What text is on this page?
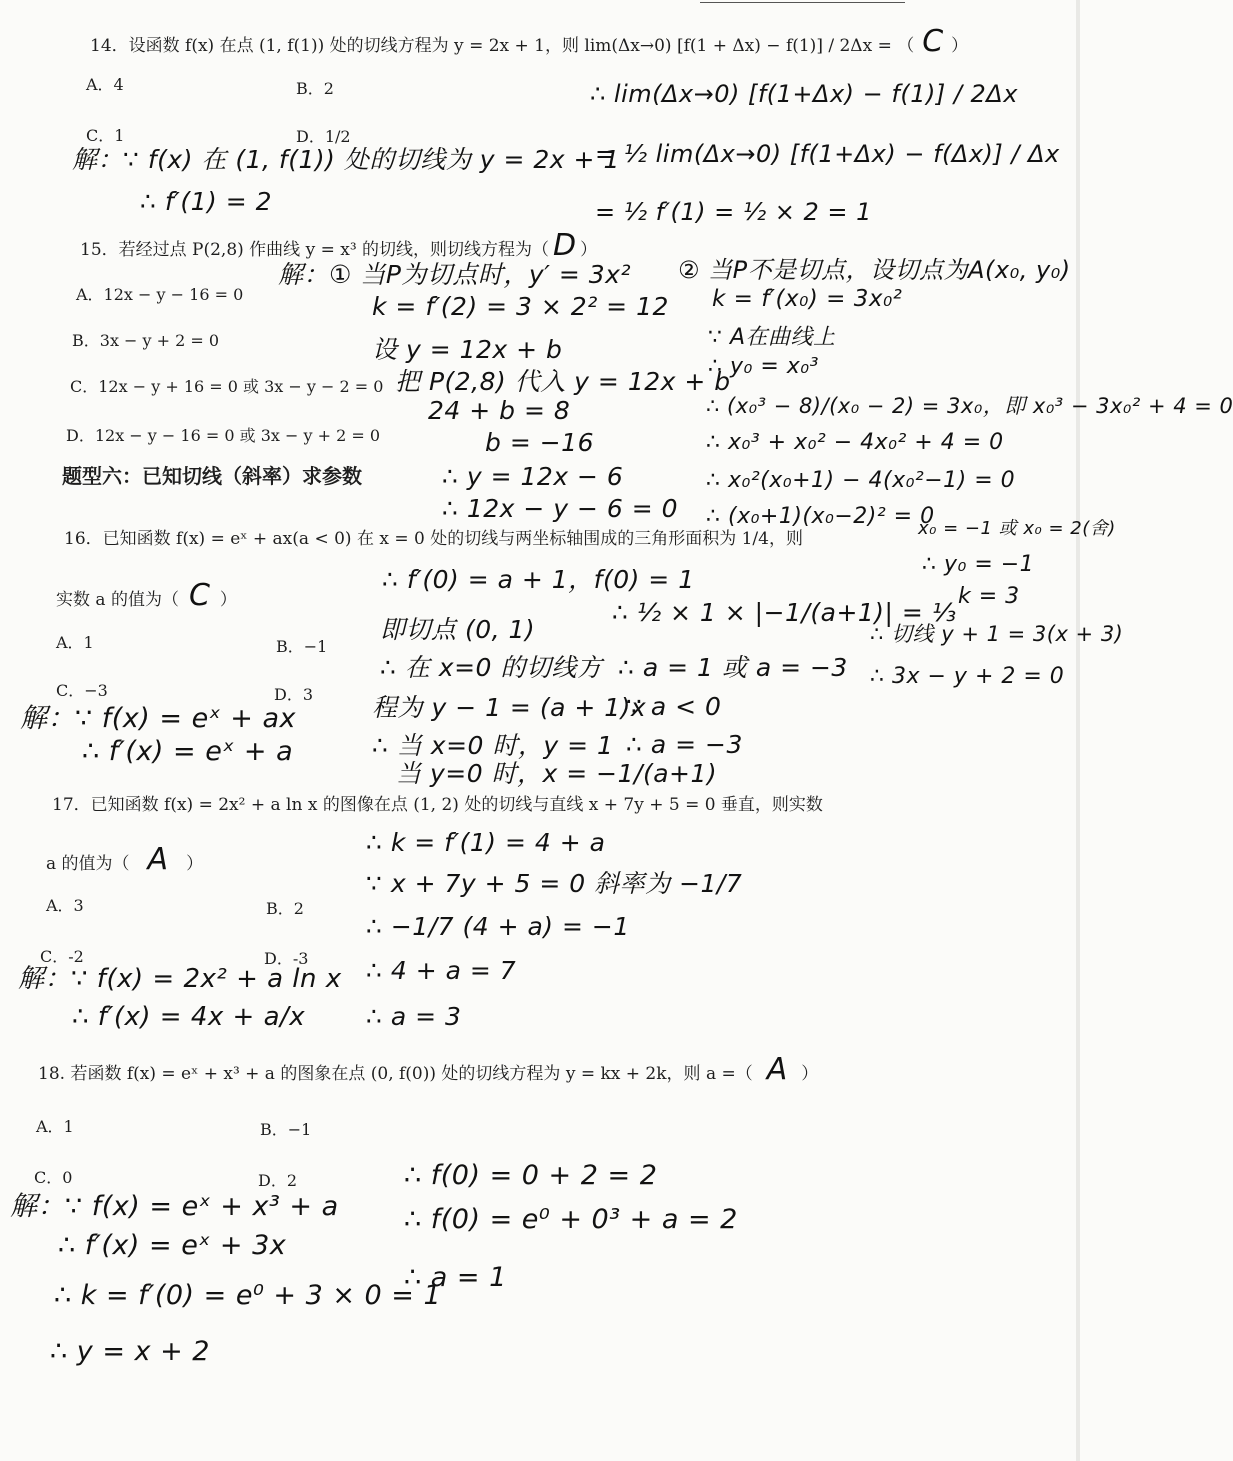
14．设函数 f(x) 在点 (1, f(1)) 处的切线方程为 y = 2x + 1，则 lim(Δx→0) [f(1 + Δx) − f(1)] / 2Δx = （ C ）
A．4	B．2
C．1	D．1/2
解：∵ f(x) 在 (1, f(1)) 处的切线为 y = 2x + 1
∴ f′(1) = 2
∴ lim(Δx→0) [f(1+Δx) − f(1)] / 2Δx
= ½ lim(Δx→0) [f(1+Δx) − f(Δx)] / Δx
= ½ f′(1) = ½ × 2 = 1
15．若经过点 P(2,8) 作曲线 y = x³ 的切线，则切线方程为（ D ）
A．12x − y − 16 = 0
B．3x − y + 2 = 0
C．12x − y + 16 = 0 或 3x − y − 2 = 0
D．12x − y − 16 = 0 或 3x − y + 2 = 0
解：① 当P为切点时，y′ = 3x²
k = f′(2) = 3 × 2² = 12
设 y = 12x + b
把 P(2,8) 代入 y = 12x + b
24 + b = 8
b = −16
∴ y = 12x − 6
∴ 12x − y − 6 = 0
② 当P不是切点，设切点为A(x₀, y₀)
k = f′(x₀) = 3x₀²
∵ A在曲线上
∴ y₀ = x₀³
∴ (x₀³ − 8)/(x₀ − 2) = 3x₀，即 x₀³ − 3x₀² + 4 = 0
∴ x₀³ + x₀² − 4x₀² + 4 = 0
∴ x₀²(x₀+1) − 4(x₀²−1) = 0
∴ (x₀+1)(x₀−2)² = 0
x₀ = −1 或 x₀ = 2(舍)
∴ y₀ = −1
k = 3
∴ 切线 y + 1 = 3(x + 3)
∴ 3x − y + 2 = 0
题型六：已知切线（斜率）求参数
16．已知函数 f(x) = eˣ + ax(a < 0) 在 x = 0 处的切线与两坐标轴围成的三角形面积为 1/4，则
实数 a 的值为（ C ）
A．1	B．−1
C．−3	D．3
解：∵ f(x) = eˣ + ax
∴ f′(x) = eˣ + a
∴ f′(0) = a + 1，f(0) = 1
即切点 (0, 1)
∴ 在 x=0 的切线方
程为 y − 1 = (a + 1)x
∴ 当 x=0 时，y = 1
当 y=0 时，x = −1/(a+1)
∴ ½ × 1 × |−1/(a+1)| = ⅓
∴ a = 1 或 a = −3
∵ a < 0
∴ a = −3
17．已知函数 f(x) = 2x² + a ln x 的图像在点 (1, 2) 处的切线与直线 x + 7y + 5 = 0 垂直，则实数
a 的值为（ A ）
A．3	B．2
C．-2	D．-3
解：∵ f(x) = 2x² + a ln x
∴ f′(x) = 4x + a/x
∴ k = f′(1) = 4 + a
∵ x + 7y + 5 = 0 斜率为 −1/7
∴ −1/7 (4 + a) = −1
∴ 4 + a = 7
∴ a = 3
18. 若函数 f(x) = eˣ + x³ + a 的图象在点 (0, f(0)) 处的切线方程为 y = kx + 2k，则 a =（ A ）
A．1	B．−1
C．0	D．2
解：∵ f(x) = eˣ + x³ + a
∴ f′(x) = eˣ + 3x
∴ k = f′(0) = e⁰ + 3 × 0 = 1
∴ y = x + 2
∴ f(0) = 0 + 2 = 2
∴ f(0) = e⁰ + 0³ + a = 2
∴ a = 1
